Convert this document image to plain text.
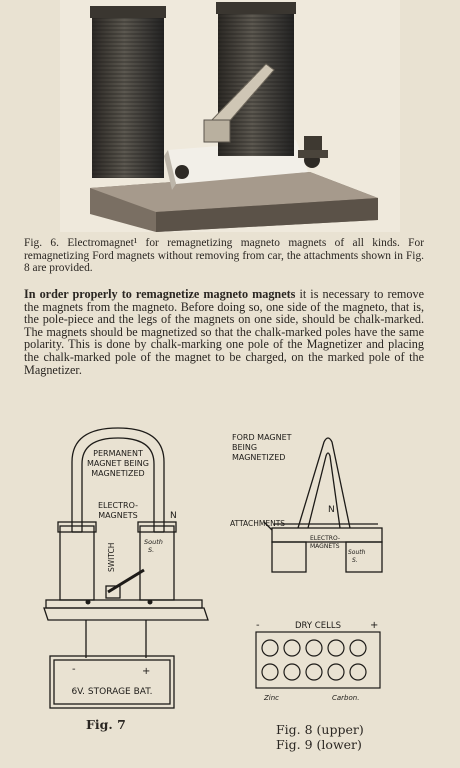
Fig. 6. Electromagnet¹ for remagnetizing magneto magnets of all kinds. For remagnetizing Ford magnets without removing from car, the attachments shown in Fig. 8 are provided.
In order properly to remagnetize magneto magnets it is necessary to remove the magnets from the magneto. Before doing so, one side of the magneto, that is, the pole-piece and the legs of the magnets on one side, should be chalk-marked. The magnets should be magnetized so that the chalk-marked poles have the same polarity. This is done by chalk-marking one pole of the Magnetizer and placing the chalk-marked pole of the magnet to be charged, on the marked pole of the Magnetizer.
PERMANENT
MAGNET BEING
MAGNETIZED
ELECTRO-
MAGNETS	N
South
S.
SWITCH
-	+
6V. STORAGE BAT.
FORD MAGNET
BEING
MAGNETIZED
N
ATTACHMENTS
ELECTRO-
MAGNETS
South
S.
-	DRY CELLS	+
Zinc	Carbon.
Fig. 7	Fig. 8 (upper)
Fig. 9 (lower)
